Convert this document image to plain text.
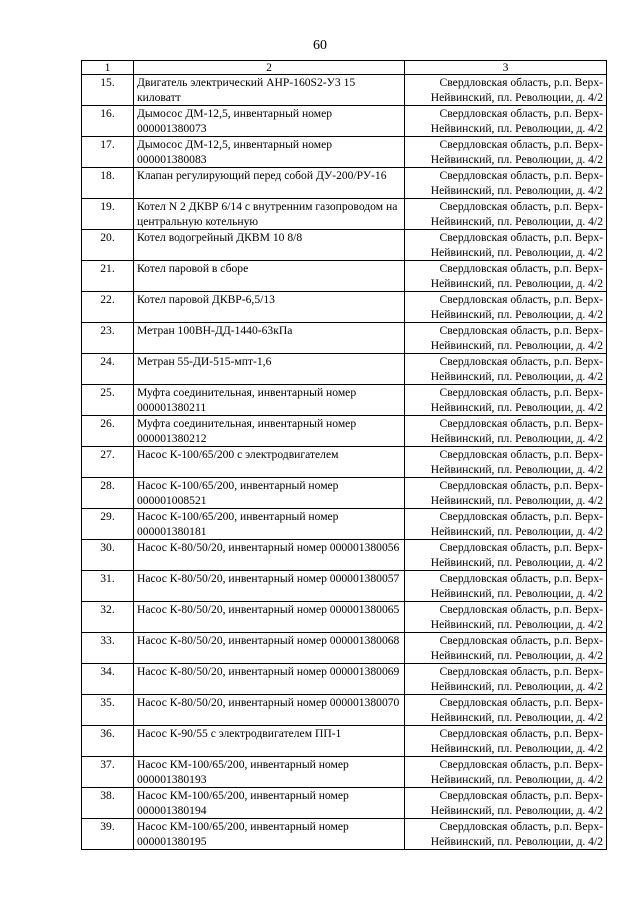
60
1	2	3
15.	Двигатель электрический АНР-160S2-У3 15 киловатт	Свердловская область, р.п. Верх-
Нейвинский, пл. Революции, д. 4/2
16.	Дымосос ДМ-12,5, инвентарный номер 000001380073	Свердловская область, р.п. Верх-
Нейвинский, пл. Революции, д. 4/2
17.	Дымосос ДМ-12,5, инвентарный номер 000001380083	Свердловская область, р.п. Верх-
Нейвинский, пл. Революции, д. 4/2
18.	Клапан регулирующий перед собой ДУ-200/РУ-16	Свердловская область, р.п. Верх-
Нейвинский, пл. Революции, д. 4/2
19.	Котел N 2 ДКВР 6/14 с внутренним газопроводом на центральную котельную	Свердловская область, р.п. Верх-
Нейвинский, пл. Революции, д. 4/2
20.	Котел водогрейный ДКВМ 10 8/8	Свердловская область, р.п. Верх-
Нейвинский, пл. Революции, д. 4/2
21.	Котел паровой в сборе	Свердловская область, р.п. Верх-
Нейвинский, пл. Революции, д. 4/2
22.	Котел паровой ДКВР-6,5/13	Свердловская область, р.п. Верх-
Нейвинский, пл. Революции, д. 4/2
23.	Метран 100ВН-ДД-1440-63кПа	Свердловская область, р.п. Верх-
Нейвинский, пл. Революции, д. 4/2
24.	Метран 55-ДИ-515-мпт-1,6	Свердловская область, р.п. Верх-
Нейвинский, пл. Революции, д. 4/2
25.	Муфта соединительная, инвентарный номер 000001380211	Свердловская область, р.п. Верх-
Нейвинский, пл. Революции, д. 4/2
26.	Муфта соединительная, инвентарный номер 000001380212	Свердловская область, р.п. Верх-
Нейвинский, пл. Революции, д. 4/2
27.	Насос К-100/65/200 с электродвигателем	Свердловская область, р.п. Верх-
Нейвинский, пл. Революции, д. 4/2
28.	Насос К-100/65/200, инвентарный номер 000001008521	Свердловская область, р.п. Верх-
Нейвинский, пл. Революции, д. 4/2
29.	Насос К-100/65/200, инвентарный номер 000001380181	Свердловская область, р.п. Верх-
Нейвинский, пл. Революции, д. 4/2
30.	Насос К-80/50/20, инвентарный номер 000001380056	Свердловская область, р.п. Верх-
Нейвинский, пл. Революции, д. 4/2
31.	Насос К-80/50/20, инвентарный номер 000001380057	Свердловская область, р.п. Верх-
Нейвинский, пл. Революции, д. 4/2
32.	Насос К-80/50/20, инвентарный номер 000001380065	Свердловская область, р.п. Верх-
Нейвинский, пл. Революции, д. 4/2
33.	Насос К-80/50/20, инвентарный номер 000001380068	Свердловская область, р.п. Верх-
Нейвинский, пл. Революции, д. 4/2
34.	Насос К-80/50/20, инвентарный номер 000001380069	Свердловская область, р.п. Верх-
Нейвинский, пл. Революции, д. 4/2
35.	Насос К-80/50/20, инвентарный номер 000001380070	Свердловская область, р.п. Верх-
Нейвинский, пл. Революции, д. 4/2
36.	Насос К-90/55 с электродвигателем ПП-1	Свердловская область, р.п. Верх-
Нейвинский, пл. Революции, д. 4/2
37.	Насос КМ-100/65/200, инвентарный номер 000001380193	Свердловская область, р.п. Верх-
Нейвинский, пл. Революции, д. 4/2
38.	Насос КМ-100/65/200, инвентарный номер 000001380194	Свердловская область, р.п. Верх-
Нейвинский, пл. Революции, д. 4/2
39.	Насос КМ-100/65/200, инвентарный номер 000001380195	Свердловская область, р.п. Верх-
Нейвинский, пл. Революции, д. 4/2
